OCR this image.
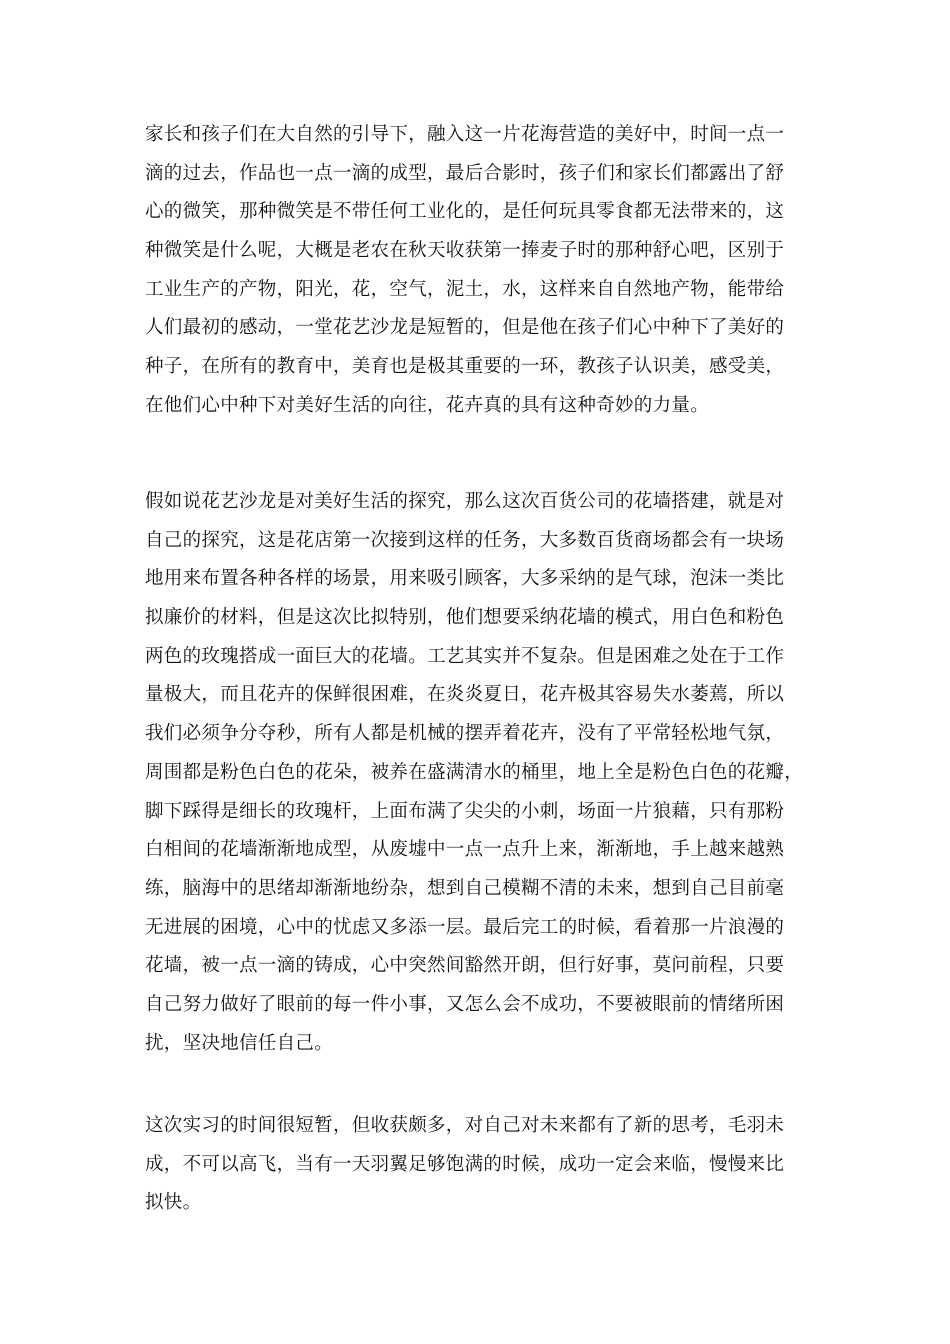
家长和孩子们在大自然的引导下，融入这一片花海营造的美好中，时间一点一
滴的过去，作品也一点一滴的成型，最后合影时，孩子们和家长们都露出了舒
心的微笑，那种微笑是不带任何工业化的，是任何玩具零食都无法带来的，这
种微笑是什么呢，大概是老农在秋天收获第一捧麦子时的那种舒心吧，区别于
工业生产的产物，阳光，花，空气，泥土，水，这样来自自然地产物，能带给
人们最初的感动，一堂花艺沙龙是短暂的，但是他在孩子们心中种下了美好的
种子，在所有的教育中，美育也是极其重要的一环，教孩子认识美，感受美，
在他们心中种下对美好生活的向往，花卉真的具有这种奇妙的力量。
假如说花艺沙龙是对美好生活的探究，那么这次百货公司的花墙搭建，就是对
自己的探究，这是花店第一次接到这样的任务，大多数百货商场都会有一块场
地用来布置各种各样的场景，用来吸引顾客，大多采纳的是气球，泡沫一类比
拟廉价的材料，但是这次比拟特别，他们想要采纳花墙的模式，用白色和粉色
两色的玫瑰搭成一面巨大的花墙。工艺其实并不复杂。但是困难之处在于工作
量极大，而且花卉的保鲜很困难，在炎炎夏日，花卉极其容易失水萎蔫，所以
我们必须争分夺秒，所有人都是机械的摆弄着花卉，没有了平常轻松地气氛，
周围都是粉色白色的花朵，被养在盛满清水的桶里，地上全是粉色白色的花瓣，
脚下踩得是细长的玫瑰杆，上面布满了尖尖的小刺，场面一片狼藉，只有那粉
白相间的花墙渐渐地成型，从废墟中一点一点升上来，渐渐地，手上越来越熟
练，脑海中的思绪却渐渐地纷杂，想到自己模糊不清的未来，想到自己目前毫
无进展的困境，心中的忧虑又多添一层。最后完工的时候，看着那一片浪漫的
花墙，被一点一滴的铸成，心中突然间豁然开朗，但行好事，莫问前程，只要
自己努力做好了眼前的每一件小事，又怎么会不成功，不要被眼前的情绪所困
扰，坚决地信任自己。
这次实习的时间很短暂，但收获颇多，对自己对未来都有了新的思考，毛羽未
成，不可以高飞，当有一天羽翼足够饱满的时候，成功一定会来临，慢慢来比
拟快。
